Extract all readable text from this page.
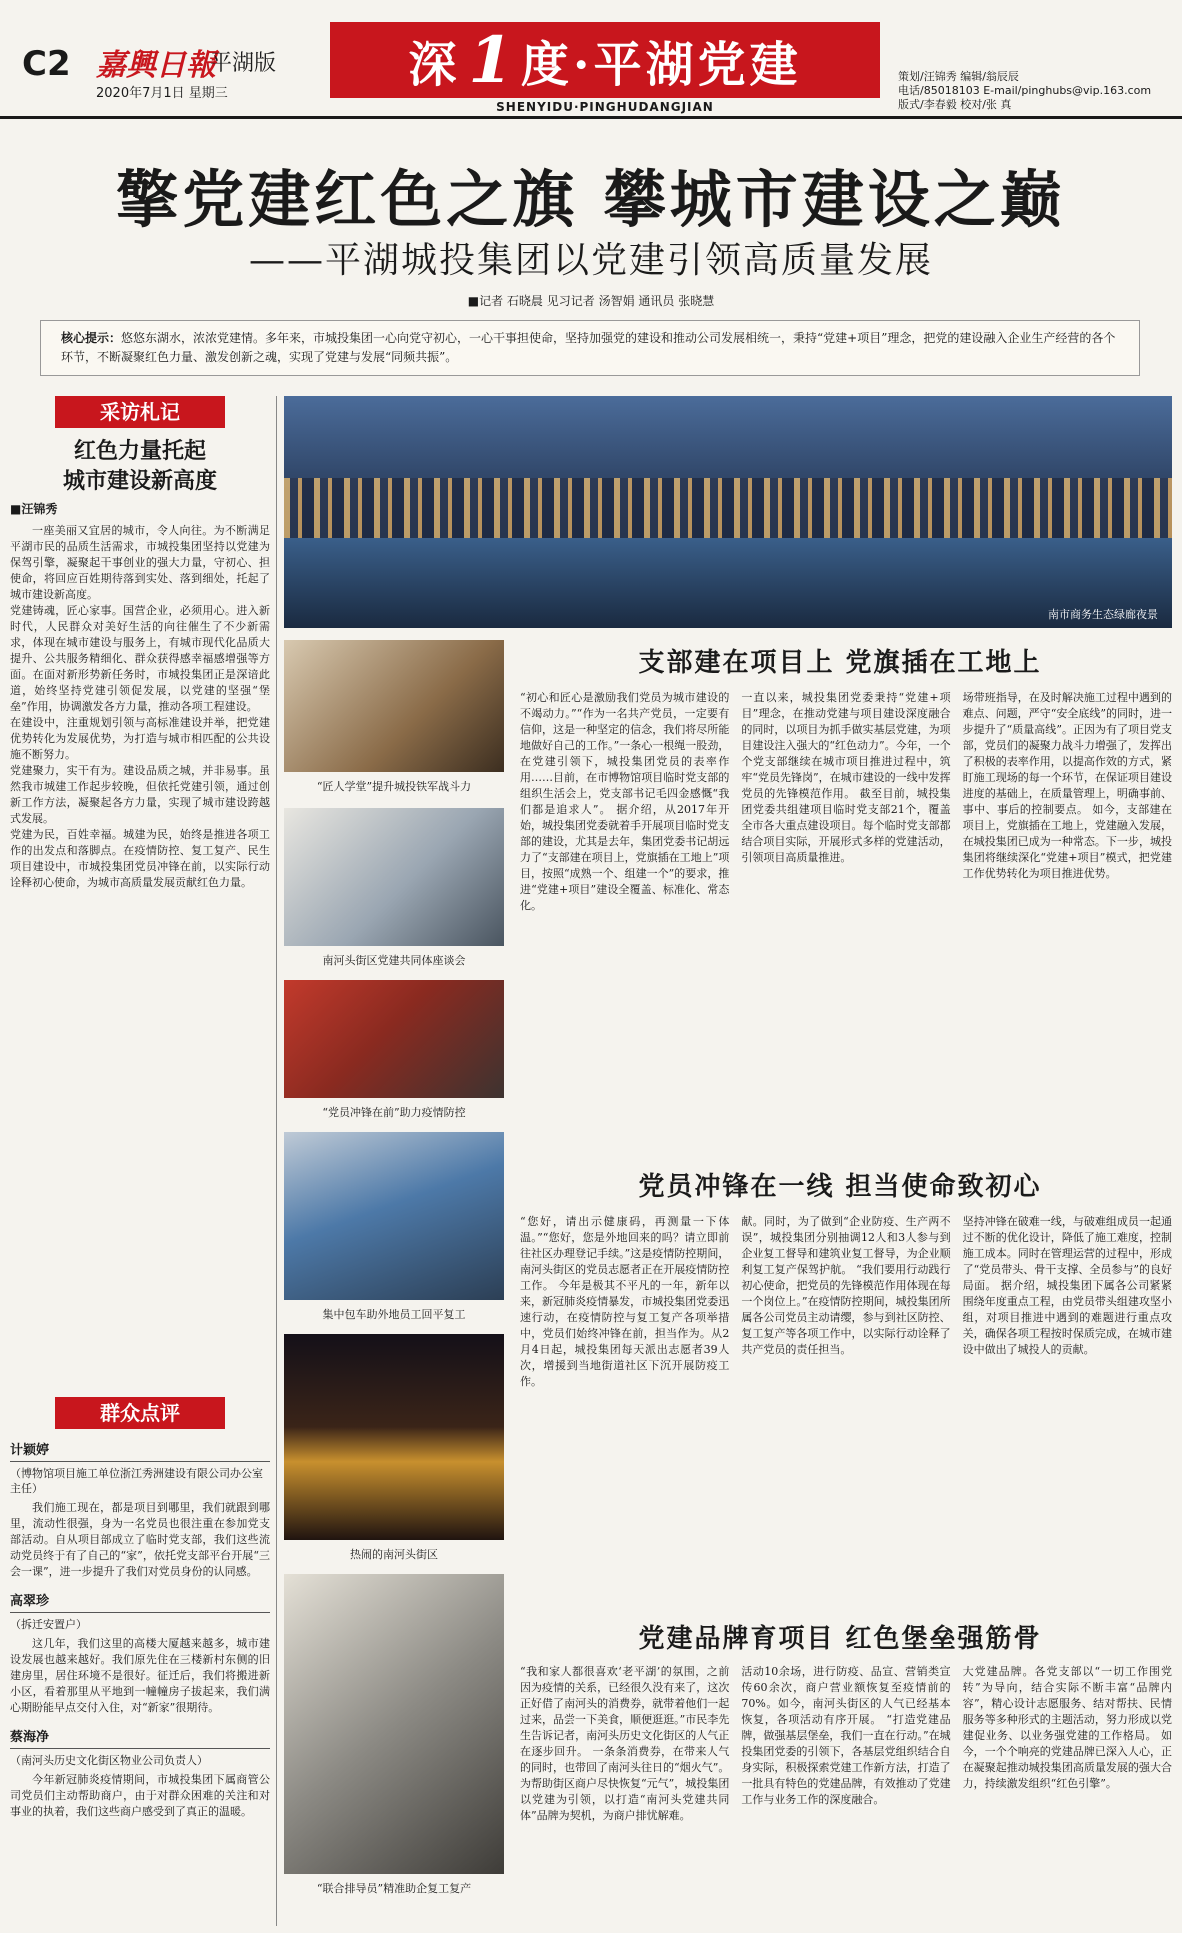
C2 嘉興日報
平湖版
2020年7月1日 星期三
深 1 度·平湖党建
SHENYIDU·PINGHUDANGJIAN
策划/汪锦秀 编辑/翁辰辰
电话/85018103 E-mail/pinghubs@vip.163.com
版式/李春毅 校对/张 真
擎党建红色之旗 攀城市建设之巅
——平湖城投集团以党建引领高质量发展
■记者 石晓晨 见习记者 汤智娟 通讯员 张晓慧
核心提示：悠悠东湖水，浓浓党建情。多年来，市城投集团一心向党守初心，一心干事担使命，坚持加强党的建设和推动公司发展相统一，秉持“党建+项目”理念，把党的建设融入企业生产经营的各个环节，不断凝聚红色力量、激发创新之魂，实现了党建与发展“同频共振”。
采访札记
红色力量托起
城市建设新高度
■汪锦秀
一座美丽又宜居的城市，令人向往。为不断满足平湖市民的品质生活需求，市城投集团坚持以党建为保驾引擎，凝聚起干事创业的强大力量，守初心、担使命，将回应百姓期待落到实处、落到细处，托起了城市建设新高度。
党建铸魂，匠心家事。国营企业，必须用心。进入新时代，人民群众对美好生活的向往催生了不少新需求，体现在城市建设与服务上，有城市现代化品质大提升、公共服务精细化、群众获得感幸福感增强等方面。在面对新形势新任务时，市城投集团正是深谙此道，始终坚持党建引领促发展，以党建的坚强“堡垒”作用，协调激发各方力量，推动各项工程建设。
在建设中，注重规划引领与高标准建设并举，把党建优势转化为发展优势，为打造与城市相匹配的公共设施不断努力。
党建聚力，实干有为。建设品质之城，并非易事。虽然我市城建工作起步较晚，但依托党建引领，通过创新工作方法，凝聚起各方力量，实现了城市建设跨越式发展。
党建为民，百姓幸福。城建为民，始终是推进各项工作的出发点和落脚点。在疫情防控、复工复产、民生项目建设中，市城投集团党员冲锋在前，以实际行动诠释初心使命，为城市高质量发展贡献红色力量。
群众点评
计颖婷
（博物馆项目施工单位浙江秀洲建设有限公司办公室主任）
我们施工现在，都是项目到哪里，我们就跟到哪里，流动性很强，身为一名党员也很注重在参加党支部活动。自从项目部成立了临时党支部，我们这些流动党员终于有了自己的“家”，依托党支部平台开展“三会一课”，进一步提升了我们对党员身份的认同感。
高翠珍
（拆迁安置户）
这几年，我们这里的高楼大厦越来越多，城市建设发展也越来越好。我们原先住在三楼新村东侧的旧建房里，居住环境不是很好。征迁后，我们将搬进新小区，看着那里从平地到一幢幢房子拔起来，我们满心期盼能早点交付入住，对“新家”很期待。
蔡海净
（南河头历史文化街区物业公司负责人）
今年新冠肺炎疫情期间，市城投集团下属商管公司党员们主动帮助商户，由于对群众困难的关注和对事业的执着，我们这些商户感受到了真正的温暖。
南市商务生态绿廊夜景
“匠人学堂”提升城投铁军战斗力
南河头街区党建共同体座谈会
“党员冲锋在前”助力疫情防控
集中包车助外地员工回平复工
热闹的南河头街区
“联合排导员”精准助企复工复产
支部建在项目上 党旗插在工地上
“初心和匠心是激励我们党员为城市建设的不竭动力。”“作为一名共产党员，一定要有信仰，这是一种坚定的信念，我们将尽所能地做好自己的工作。”一条心一根绳一股劲，在党建引领下，城投集团党员的表率作用……目前，在市博物馆项目临时党支部的组织生活会上，党支部书记毛四金感慨“我们都是追求人”。 据介绍，从2017年开始，城投集团党委就着手开展项目临时党支部的建设，尤其是去年，集团党委书记胡远力了“支部建在项目上，党旗插在工地上”项目，按照“成熟一个、组建一个”的要求，推进“党建+项目”建设全覆盖、标准化、常态化。
一直以来，城投集团党委秉持“党建+项目”理念，在推动党建与项目建设深度融合的同时，以项目为抓手做实基层党建，为项目建设注入强大的“红色动力”。今年，一个个党支部继续在城市项目推进过程中，筑牢“党员先锋岗”，在城市建设的一线中发挥党员的先锋模范作用。 截至目前，城投集团党委共组建项目临时党支部21个，覆盖全市各大重点建设项目。每个临时党支部都结合项目实际，开展形式多样的党建活动，引领项目高质量推进。
场带班指导，在及时解决施工过程中遇到的难点、问题，严守“安全底线”的同时，进一步提升了“质量高线”。正因为有了项目党支部，党员们的凝聚力战斗力增强了，发挥出了积极的表率作用，以提高作效的方式，紧盯施工现场的每一个环节，在保证项目建设进度的基础上，在质量管理上，明确事前、事中、事后的控制要点。 如今，支部建在项目上，党旗插在工地上，党建融入发展，在城投集团已成为一种常态。下一步，城投集团将继续深化“党建+项目”模式，把党建工作优势转化为项目推进优势。
党员冲锋在一线 担当使命致初心
“您好，请出示健康码，再测量一下体温。”“您好，您是外地回来的吗？请立即前往社区办理登记手续。”这是疫情防控期间，南河头街区的党员志愿者正在开展疫情防控工作。 今年是极其不平凡的一年，新年以来，新冠肺炎疫情暴发，市城投集团党委迅速行动，在疫情防控与复工复产各项举措中，党员们始终冲锋在前，担当作为。从2月4日起，城投集团每天派出志愿者39人次，增援到当地街道社区下沉开展防疫工作。
献。同时，为了做到“企业防疫、生产两不误”，城投集团分别抽调12人和3人参与到企业复工督导和建筑业复工督导，为企业顺利复工复产保驾护航。 “我们要用行动践行初心使命，把党员的先锋模范作用体现在每一个岗位上。”在疫情防控期间，城投集团所属各公司党员主动请缨，参与到社区防控、复工复产等各项工作中，以实际行动诠释了共产党员的责任担当。
坚持冲锋在破难一线，与破难组成员一起通过不断的优化设计，降低了施工难度，控制施工成本。同时在管理运营的过程中，形成了“党员带头、骨干支撑、全员参与”的良好局面。 据介绍，城投集团下属各公司紧紧围绕年度重点工程，由党员带头组建攻坚小组，对项目推进中遇到的难题进行重点攻关，确保各项工程按时保质完成，在城市建设中做出了城投人的贡献。
党建品牌育项目 红色堡垒强筋骨
“我和家人都很喜欢‘老平湖’的氛围，之前因为疫情的关系，已经很久没有来了，这次正好借了南河头的消费券，就带着他们一起过来，品尝一下美食，顺便逛逛。”市民李先生告诉记者，南河头历史文化街区的人气正在逐步回升。 一条条消费券，在带来人气的同时，也带回了南河头往日的“烟火气”。为帮助街区商户尽快恢复“元气”，城投集团以党建为引领，以打造“南河头党建共同体”品牌为契机，为商户排忧解难。
活动10余场，进行防疫、品宣、营销类宣传60余次，商户营业额恢复至疫情前的70%。如今，南河头街区的人气已经基本恢复，各项活动有序开展。 “打造党建品牌，做强基层堡垒，我们一直在行动。”在城投集团党委的引领下，各基层党组织结合自身实际，积极探索党建工作新方法，打造了一批具有特色的党建品牌，有效推动了党建工作与业务工作的深度融合。
大党建品牌。各党支部以“一切工作围党转”为导向，结合实际不断丰富“品牌内容”，精心设计志愿服务、结对帮扶、民情服务等多种形式的主题活动，努力形成以党建促业务、以业务强党建的工作格局。 如今，一个个响亮的党建品牌已深入人心，正在凝聚起推动城投集团高质量发展的强大合力，持续激发组织“红色引擎”。
